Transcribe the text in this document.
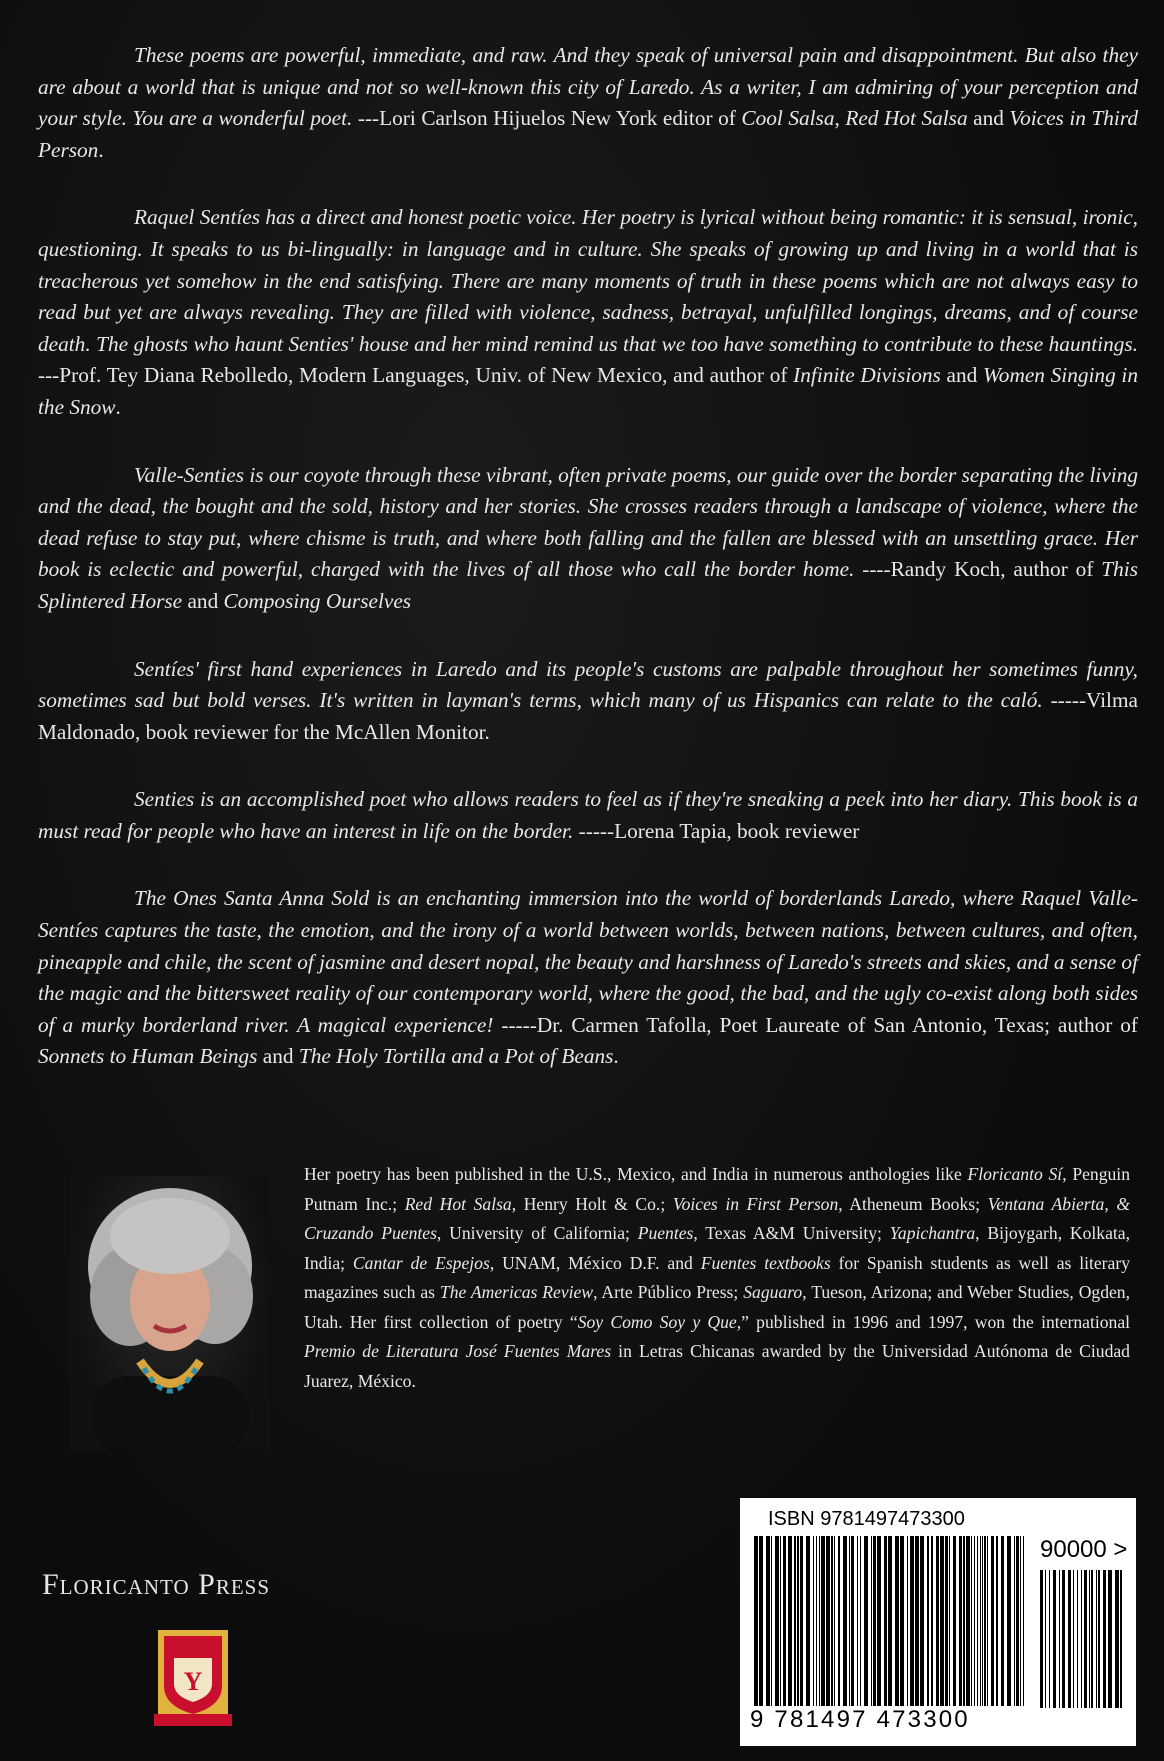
These poems are powerful, immediate, and raw. And they speak of universal pain and disappointment. But also they are about a world that is unique and not so well-known this city of Laredo. As a writer, I am admiring of your perception and your style. You are a wonderful poet. ---Lori Carlson Hijuelos New York editor of Cool Salsa, Red Hot Salsa and Voices in Third Person.

Raquel Sentíes has a direct and honest poetic voice. Her poetry is lyrical without being romantic: it is sensual, ironic, questioning. It speaks to us bi-lingually: in language and in culture. She speaks of growing up and living in a world that is treacherous yet somehow in the end satisfying. There are many moments of truth in these poems which are not always easy to read but yet are always revealing. They are filled with violence, sadness, betrayal, unfulfilled longings, dreams, and of course death. The ghosts who haunt Senties' house and her mind remind us that we too have something to contribute to these hauntings. ---Prof. Tey Diana Rebolledo, Modern Languages, Univ. of New Mexico, and author of Infinite Divisions and Women Singing in the Snow.

Valle-Senties is our coyote through these vibrant, often private poems, our guide over the border separating the living and the dead, the bought and the sold, history and her stories. She crosses readers through a landscape of violence, where the dead refuse to stay put, where chisme is truth, and where both falling and the fallen are blessed with an unsettling grace. Her book is eclectic and powerful, charged with the lives of all those who call the border home. ----Randy Koch, author of This Splintered Horse and Composing Ourselves

Sentíes' first hand experiences in Laredo and its people's customs are palpable throughout her sometimes funny, sometimes sad but bold verses. It's written in layman's terms, which many of us Hispanics can relate to the caló. -----Vilma Maldonado, book reviewer for the McAllen Monitor.

Senties is an accomplished poet who allows readers to feel as if they're sneaking a peek into her diary. This book is a must read for people who have an interest in life on the border. -----Lorena Tapia, book reviewer

The Ones Santa Anna Sold is an enchanting immersion into the world of borderlands Laredo, where Raquel Valle-Sentíes captures the taste, the emotion, and the irony of a world between worlds, between nations, between cultures, and often, pineapple and chile, the scent of jasmine and desert nopal, the beauty and harshness of Laredo's streets and skies, and a sense of the magic and the bittersweet reality of our contemporary world, where the good, the bad, and the ugly co-exist along both sides of a murky borderland river. A magical experience! -----Dr. Carmen Tafolla, Poet Laureate of San Antonio, Texas; author of Sonnets to Human Beings and The Holy Tortilla and a Pot of Beans.

Her poetry has been published in the U.S., Mexico, and India in numerous anthologies like Floricanto Sí, Penguin Putnam Inc.; Red Hot Salsa, Henry Holt & Co.; Voices in First Person, Atheneum Books; Ventana Abierta, & Cruzando Puentes, University of California; Puentes, Texas A&M University; Yapichantra, Bijoygarh, Kolkata, India; Cantar de Espejos, UNAM, México D.F. and Fuentes textbooks for Spanish students as well as literary magazines such as The Americas Review, Arte Público Press; Saguaro, Tueson, Arizona; and Weber Studies, Ogden, Utah. Her first collection of poetry “Soy Como Soy y Que,” published in 1996 and 1997, won the international Premio de Literatura José Fuentes Mares in Letras Chicanas awarded by the Universidad Autónoma de Ciudad Juarez, México.

Floricanto Press
Y
ISBN 9781497473300
90000 >
9 781497 473300
